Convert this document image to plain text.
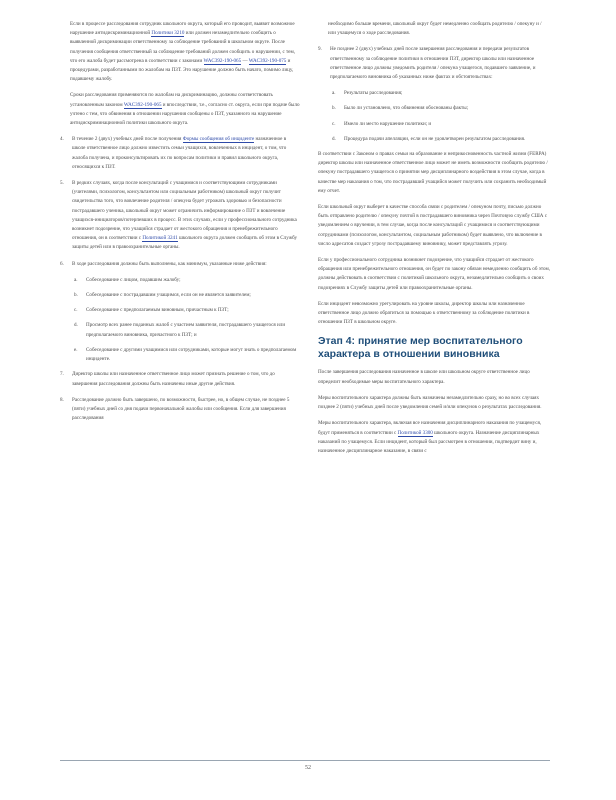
Если в процессе расследования сотрудник школьного округа, который его проводит, выявит возможное нарушение антидискриминационной Политики 3210 или должен незамедлительно сообщить о выявленной дискриминации ответственному за соблюдение требований в школьном округе. После получения сообщения ответственный за соблюдение требований должен сообщить о нарушении, с тем, что его жалоба будет рассмотрена в соответствии с законами WAC392-190-065 — WAC392-190-075 и процедурами, разработанными по жалобам на ПЗТ. Это нарушение должно быть начато, помимо лицу, подавшему жалобу.

Сроки расследования применяются по жалобам на дискриминацию, должны соответствовать установленным законом WAC392-190-065 и впоследствии, т.е., согласно ст. округа, если при подаче было учтено с тем, что обвинения в отношении нарушения сообщены о ПЗТ, указанного на нарушение антидискриминационной политики школьного округа.

4. В течение 2 (двух) учебных дней после получения Формы сообщения об инциденте назначенное в школе ответственное лицо должно известить семьи учащихся, вовлеченных в инцидент, о том, что жалоба получена, и проконсультировать их по вопросам политики и правил школьного округа, относящихся к ПЗТ.
5. В редких случаях, когда после консультаций с учащимися и соответствующими сотрудниками (учителями, психологом, консультантом или социальным работником) школьный округ получит свидетельства того, что вовлечение родителя / опекуна будет угрожать здоровью и безопасности пострадавшего ученика, школьный округ может ограничить информирование о ПЗТ и вовлечение учащихся-инициаторов/потерпевших в процесс. В этих случаях, если у профессионального сотрудника возникнет подозрение, что учащийся страдает от жестокого обращения и пренебрежительного отношения, он в соответствии с Политикой 3241 школьного округа должен сообщить об этом в Службу защиты детей или в правоохранительные органы.
6. В ходе расследования должны быть выполнены, как минимум, указанные ниже действия:
a. Собеседование с лицом, подавшим жалобу;
b. Собеседование с пострадавшим учащимся, если он не является заявителем;
c. Собеседование с предполагаемым виновным, причастным к ПЗТ;
d. Просмотр всех ранее поданных жалоб с участием заявителя, пострадавшего учащегося или предполагаемого виновника, причастного к ПЗТ; и
e. Собеседование с другими учащимися или сотрудниками, которые могут знать о предполагаемом инциденте.
7. Директор школы или назначенное ответственное лицо может признать решение о том, что до завершения расследования должны быть назначены иные другие действия.
8. Расследование должно быть завершено, по возможности, быстрее, но, в общем случае, не позднее 5 (пяти) учебных дней со дня подачи первоначальной жалобы или сообщения. Если для завершения расследования

необходимо больше времени, школьный округ будет немедленно сообщать родителю / опекуну и / или учащемуся о ходе расследования.

9. Не позднее 2 (двух) учебных дней после завершения расследования и передачи результатов ответственному за соблюдение политики в отношении ПЗТ, директор школы или назначенное ответственное лицо должны уведомить родителя / опекуна учащегося, подавшего заявление, и предполагаемого виновника об указанных ниже фактах и обстоятельствах:
a. Результаты расследования;
b. Было ли установлено, что обвинения обоснованы факты;
c. Имело ли место нарушение политики; и
d. Процедура подачи апелляции, если он не удовлетворен результатом расследования.

В соответствии с Законом о правах семьи на образование и неприкосновенность частной жизни (FERPA) директор школы или назначенное ответственное лицо может не иметь возможности сообщить родителю / опекуну пострадавшего учащегося о принятии мер дисциплинарного воздействия в этом случае, когда в качестве мер наказания о том, что пострадавший учащийся может получить или сохранить необходимый ему отчет.

Если школьный округ выберет в качестве способа связи с родителем / опекуном почту, письмо должно быть отправлено родителю / опекуну почтой в пострадавшего виновника через Почтовую службу США с уведомлением о вручении, в тем случае, когда после консультаций с учащимися и соответствующими сотрудниками (психологом, консультантом, социальным работником) будет выявлено, что включение в число адресатов создаст угрозу пострадавшему виновнику, может представлять угрозу.

Если у профессионального сотрудника возникнет подозрение, что учащийся страдает от жестокого обращения или пренебрежительного отношения, он будет по закону обязан немедленно сообщить об этом, должны действовать в соответствии с политикой школьного округа, незамедлительно сообщить о своих подозрениях в Службу защиты детей или правоохранительные органы.

Если инцидент невозможно урегулировать на уровне школы, директор школы или назначенное ответственное лицо должно обратиться за помощью к ответственному за соблюдение политики в отношении ПЗТ в школьном округе.

Этап 4: принятие мер воспитательного характера в отношении виновника

После завершения расследования назначенное в школе или школьном округе ответственное лицо определит необходимые меры воспитательного характера.

Меры воспитательного характера должны быть назначены незамедлительно сразу, но во всех случаях позднее 2 (пяти) учебных дней после уведомления семей и/или опекунов о результатах расследования.

Меры воспитательного характера, включая все назначения дисциплинарного наказания по учащемуся, будут применяться в соответствии с Политикой 3300 школьного округа. Назначение дисциплинарных наказаний по учащемуся. Если инцидент, который был рассмотрен в отношении, подтвердит вину и, назначенное дисциплинарное наказание, в связи с

52
